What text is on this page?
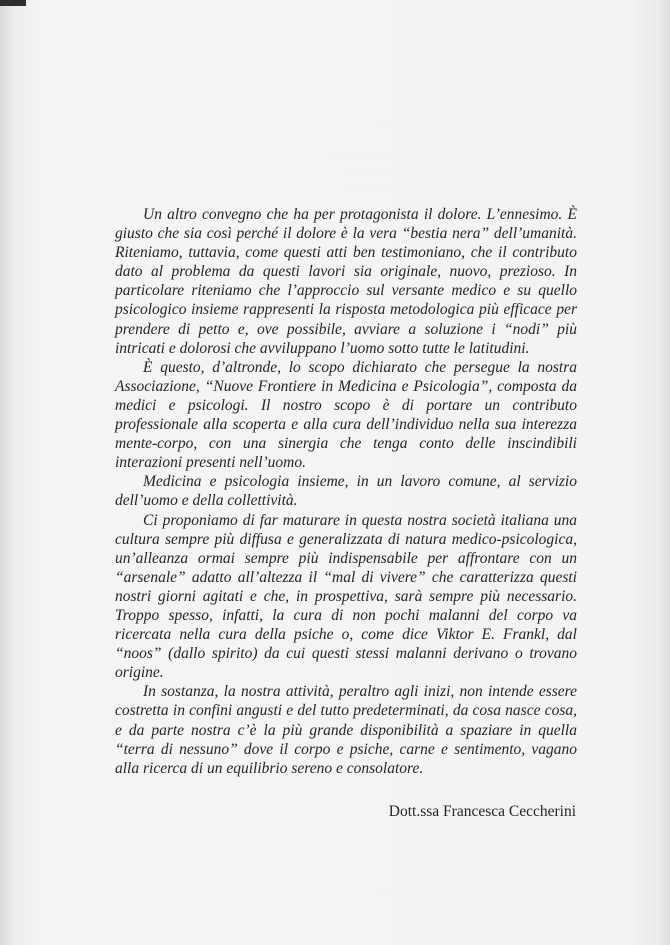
· · · · · · · · · · · · · · · · · · · · · ·
· · · · · · · · · · · · · · · · · ·
· · · · · · · · · · · · · · · · · · · ·

Un altro convegno che ha per protagonista il dolore. L’ennesimo. È giusto che sia così perché il dolore è la vera “bestia nera” dell’umanità. Riteniamo, tuttavia, come questi atti ben testimoniano, che il contributo dato al problema da questi lavori sia originale, nuovo, prezioso. In particolare riteniamo che l’approccio sul versante medico e su quello psicologico insieme rappresenti la risposta metodologica più efficace per prendere di petto e, ove possibile, avviare a soluzione i “nodi” più intricati e dolorosi che avviluppano l’uomo sotto tutte le latitudini.

È questo, d’altronde, lo scopo dichiarato che persegue la nostra Associazione, “Nuove Frontiere in Medicina e Psicologia”, composta da medici e psicologi. Il nostro scopo è di portare un contributo professionale alla scoperta e alla cura dell’individuo nella sua interezza mente-corpo, con una sinergia che tenga conto delle inscindibili interazioni presenti nell’uomo.

Medicina e psicologia insieme, in un lavoro comune, al servizio dell’uomo e della collettività.

Ci proponiamo di far maturare in questa nostra società italiana una cultura sempre più diffusa e generalizzata di natura medico-psicologica, un’alleanza ormai sempre più indispensabile per affrontare con un “arsenale” adatto all’altezza il “mal di vivere” che caratterizza questi nostri giorni agitati e che, in prospettiva, sarà sempre più necessario. Troppo spesso, infatti, la cura di non pochi malanni del corpo va ricercata nella cura della psiche o, come dice Viktor E. Frankl, dal “noos” (dallo spirito) da cui questi stessi malanni derivano o trovano origine.

In sostanza, la nostra attività, peraltro agli inizi, non intende essere costretta in confini angusti e del tutto predeterminati, da cosa nasce cosa, e da parte nostra c’è la più grande disponibilità a spaziare in quella “terra di nessuno” dove il corpo e psiche, carne e sentimento, vagano alla ricerca di un equilibrio sereno e consolatore.

Dott.ssa Francesca Ceccherini
